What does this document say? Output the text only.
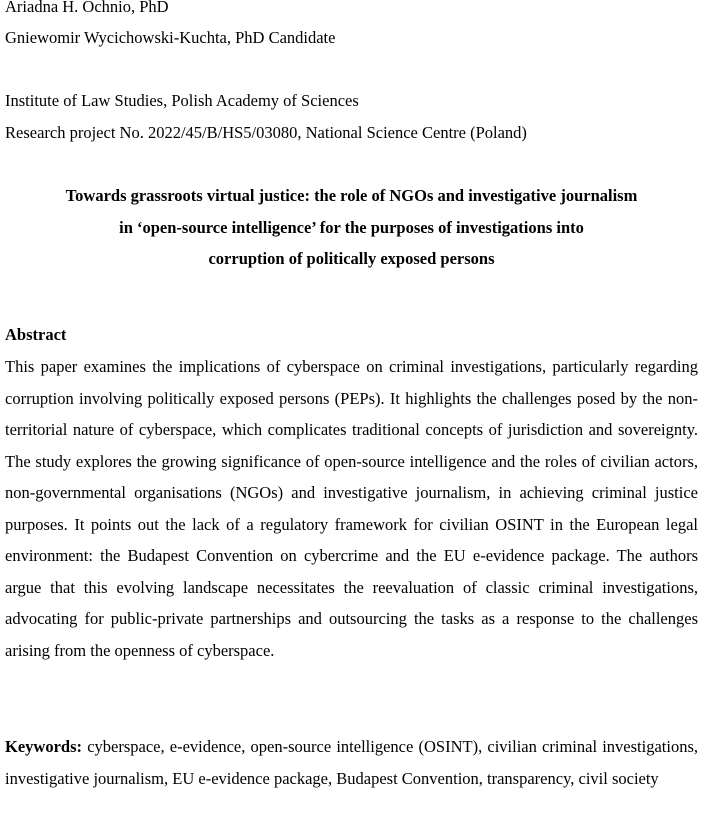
Ariadna H. Ochnio, PhD
Gniewomir Wycichowski-Kuchta, PhD Candidate
Institute of Law Studies, Polish Academy of Sciences
Research project No. 2022/45/B/HS5/03080, National Science Centre (Poland)
Towards grassroots virtual justice: the role of NGOs and investigative journalism
in ‘open-source intelligence’ for the purposes of investigations into
corruption of politically exposed persons
Abstract
This paper examines the implications of cyberspace on criminal investigations, particularly regarding corruption involving politically exposed persons (PEPs). It highlights the challenges posed by the non-territorial nature of cyberspace, which complicates traditional concepts of jurisdiction and sovereignty. The study explores the growing significance of open-source intelligence and the roles of civilian actors, non-governmental organisations (NGOs) and investigative journalism, in achieving criminal justice purposes. It points out the lack of a regulatory framework for civilian OSINT in the European legal environment: the Budapest Convention on cybercrime and the EU e-evidence package. The authors argue that this evolving landscape necessitates the reevaluation of classic criminal investigations, advocating for public-private partnerships and outsourcing the tasks as a response to the challenges arising from the openness of cyberspace.
Keywords: cyberspace, e-evidence, open-source intelligence (OSINT), civilian criminal investigations, investigative journalism, EU e-evidence package, Budapest Convention, transparency, civil society
